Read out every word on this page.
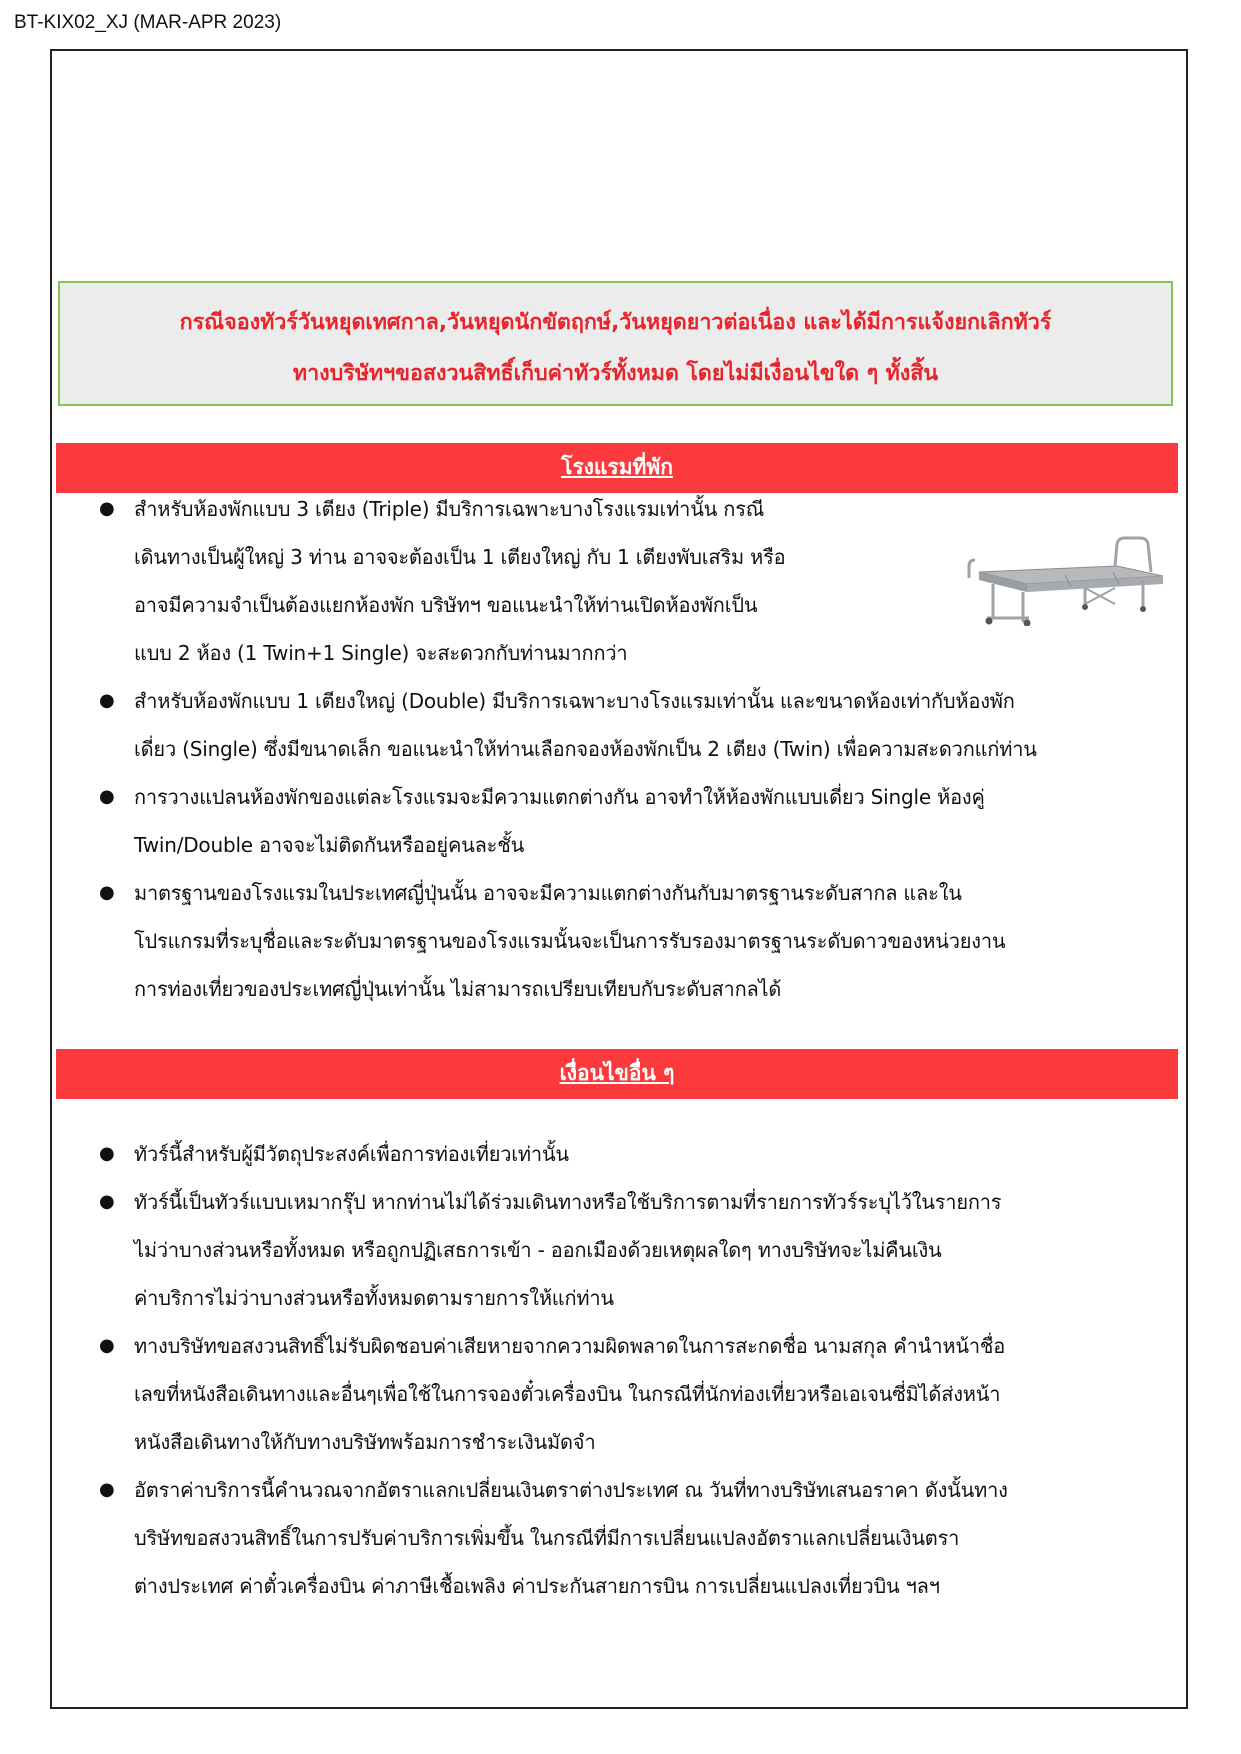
BT-KIX02_XJ (MAR-APR 2023)
กรณีจองทัวร์วันหยุดเทศกาล,วันหยุดนักขัตฤกษ์,วันหยุดยาวต่อเนื่อง และได้มีการแจ้งยกเลิกทัวร์
ทางบริษัทฯขอสงวนสิทธิ์เก็บค่าทัวร์ทั้งหมด โดยไม่มีเงื่อนไขใด ๆ ทั้งสิ้น
โรงแรมที่พัก
● สำหรับห้องพักแบบ 3 เตียง (Triple) มีบริการเฉพาะบางโรงแรมเท่านั้น กรณี
เดินทางเป็นผู้ใหญ่ 3 ท่าน อาจจะต้องเป็น 1 เตียงใหญ่ กับ 1 เตียงพับเสริม หรือ
อาจมีความจำเป็นต้องแยกห้องพัก บริษัทฯ ขอแนะนำให้ท่านเปิดห้องพักเป็น
แบบ 2 ห้อง (1 Twin+1 Single) จะสะดวกกับท่านมากกว่า
● สำหรับห้องพักแบบ 1 เตียงใหญ่ (Double) มีบริการเฉพาะบางโรงแรมเท่านั้น และขนาดห้องเท่ากับห้องพัก
เดี่ยว (Single) ซึ่งมีขนาดเล็ก ขอแนะนำให้ท่านเลือกจองห้องพักเป็น 2 เตียง (Twin) เพื่อความสะดวกแก่ท่าน
● การวางแปลนห้องพักของแต่ละโรงแรมจะมีความแตกต่างกัน อาจทำให้ห้องพักแบบเดี่ยว Single ห้องคู่
Twin/Double อาจจะไม่ติดกันหรืออยู่คนละชั้น
● มาตรฐานของโรงแรมในประเทศญี่ปุ่นนั้น อาจจะมีความแตกต่างกันกับมาตรฐานระดับสากล และใน
โปรแกรมที่ระบุชื่อและระดับมาตรฐานของโรงแรมนั้นจะเป็นการรับรองมาตรฐานระดับดาวของหน่วยงาน
การท่องเที่ยวของประเทศญี่ปุ่นเท่านั้น ไม่สามารถเปรียบเทียบกับระดับสากลได้
เงื่อนไขอื่น ๆ
● ทัวร์นี้สำหรับผู้มีวัตถุประสงค์เพื่อการท่องเที่ยวเท่านั้น
● ทัวร์นี้เป็นทัวร์แบบเหมากรุ๊ป หากท่านไม่ได้ร่วมเดินทางหรือใช้บริการตามที่รายการทัวร์ระบุไว้ในรายการ
ไม่ว่าบางส่วนหรือทั้งหมด หรือถูกปฏิเสธการเข้า - ออกเมืองด้วยเหตุผลใดๆ ทางบริษัทจะไม่คืนเงิน
ค่าบริการไม่ว่าบางส่วนหรือทั้งหมดตามรายการให้แก่ท่าน
● ทางบริษัทขอสงวนสิทธิ์ไม่รับผิดชอบค่าเสียหายจากความผิดพลาดในการสะกดชื่อ นามสกุล คำนำหน้าชื่อ
เลขที่หนังสือเดินทางและอื่นๆเพื่อใช้ในการจองตั๋วเครื่องบิน ในกรณีที่นักท่องเที่ยวหรือเอเจนซี่มิได้ส่งหน้า
หนังสือเดินทางให้กับทางบริษัทพร้อมการชำระเงินมัดจำ
● อัตราค่าบริการนี้คำนวณจากอัตราแลกเปลี่ยนเงินตราต่างประเทศ ณ วันที่ทางบริษัทเสนอราคา ดังนั้นทาง
บริษัทขอสงวนสิทธิ์ในการปรับค่าบริการเพิ่มขึ้น ในกรณีที่มีการเปลี่ยนแปลงอัตราแลกเปลี่ยนเงินตรา
ต่างประเทศ ค่าตั๋วเครื่องบิน ค่าภาษีเชื้อเพลิง ค่าประกันสายการบิน การเปลี่ยนแปลงเที่ยวบิน ฯลฯ
